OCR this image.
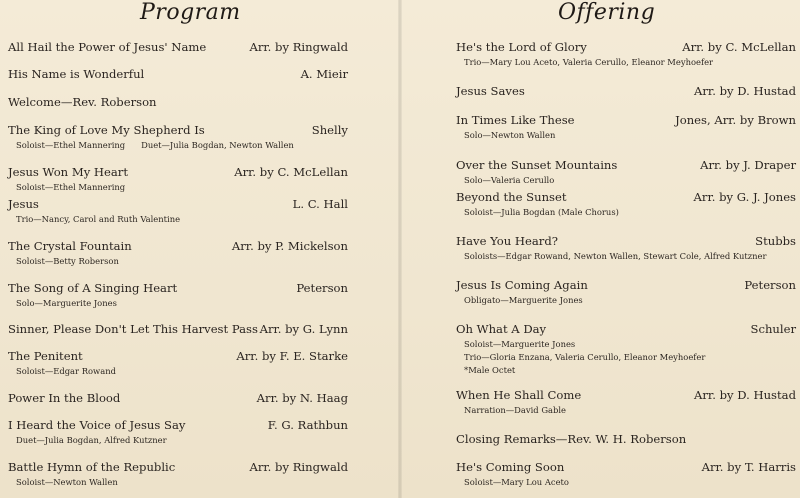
Program
All Hail the Power of Jesus' Name	Arr. by Ringwald
His Name is Wonderful	A. Mieir
Welcome—Rev. Roberson
The King of Love My Shepherd Is	Shelly
Soloist—Ethel Mannering      Duet—Julia Bogdan, Newton Wallen
Jesus Won My Heart	Arr. by C. McLellan
Soloist—Ethel Mannering
Jesus	L. C. Hall
Trio—Nancy, Carol and Ruth Valentine
The Crystal Fountain	Arr. by P. Mickelson
Soloist—Betty Roberson
The Song of A Singing Heart	Peterson
Solo—Marguerite Jones
Sinner, Please Don't Let This Harvest Pass Arr. by G. Lynn
The Penitent	Arr. by F. E. Starke
Soloist—Edgar Rowand
Power In the Blood	Arr. by N. Haag
I Heard the Voice of Jesus Say	F. G. Rathbun
Duet—Julia Bogdan, Alfred Kutzner
Battle Hymn of the Republic	Arr. by Ringwald
Soloist—Newton Wallen
Offering
He's the Lord of Glory	Arr. by C. McLellan
Trio—Mary Lou Aceto, Valeria Cerullo, Eleanor Meyhoefer
Jesus Saves	Arr. by D. Hustad
In Times Like These	Jones, Arr. by Brown
Solo—Newton Wallen
Over the Sunset Mountains	Arr. by J. Draper
Solo—Valeria Cerullo
Beyond the Sunset	Arr. by G. J. Jones
Soloist—Julia Bogdan (Male Chorus)
Have You Heard?	Stubbs
Soloists—Edgar Rowand, Newton Wallen, Stewart Cole, Alfred Kutzner
Jesus Is Coming Again	Peterson
Obligato—Marguerite Jones
Oh What A Day	Schuler
Soloist—Marguerite Jones
Trio—Gloria Enzana, Valeria Cerullo, Eleanor Meyhoefer
*Male Octet
When He Shall Come	Arr. by D. Hustad
Narration—David Gable
Closing Remarks—Rev. W. H. Roberson
He's Coming Soon	Arr. by T. Harris
Soloist—Mary Lou Aceto
